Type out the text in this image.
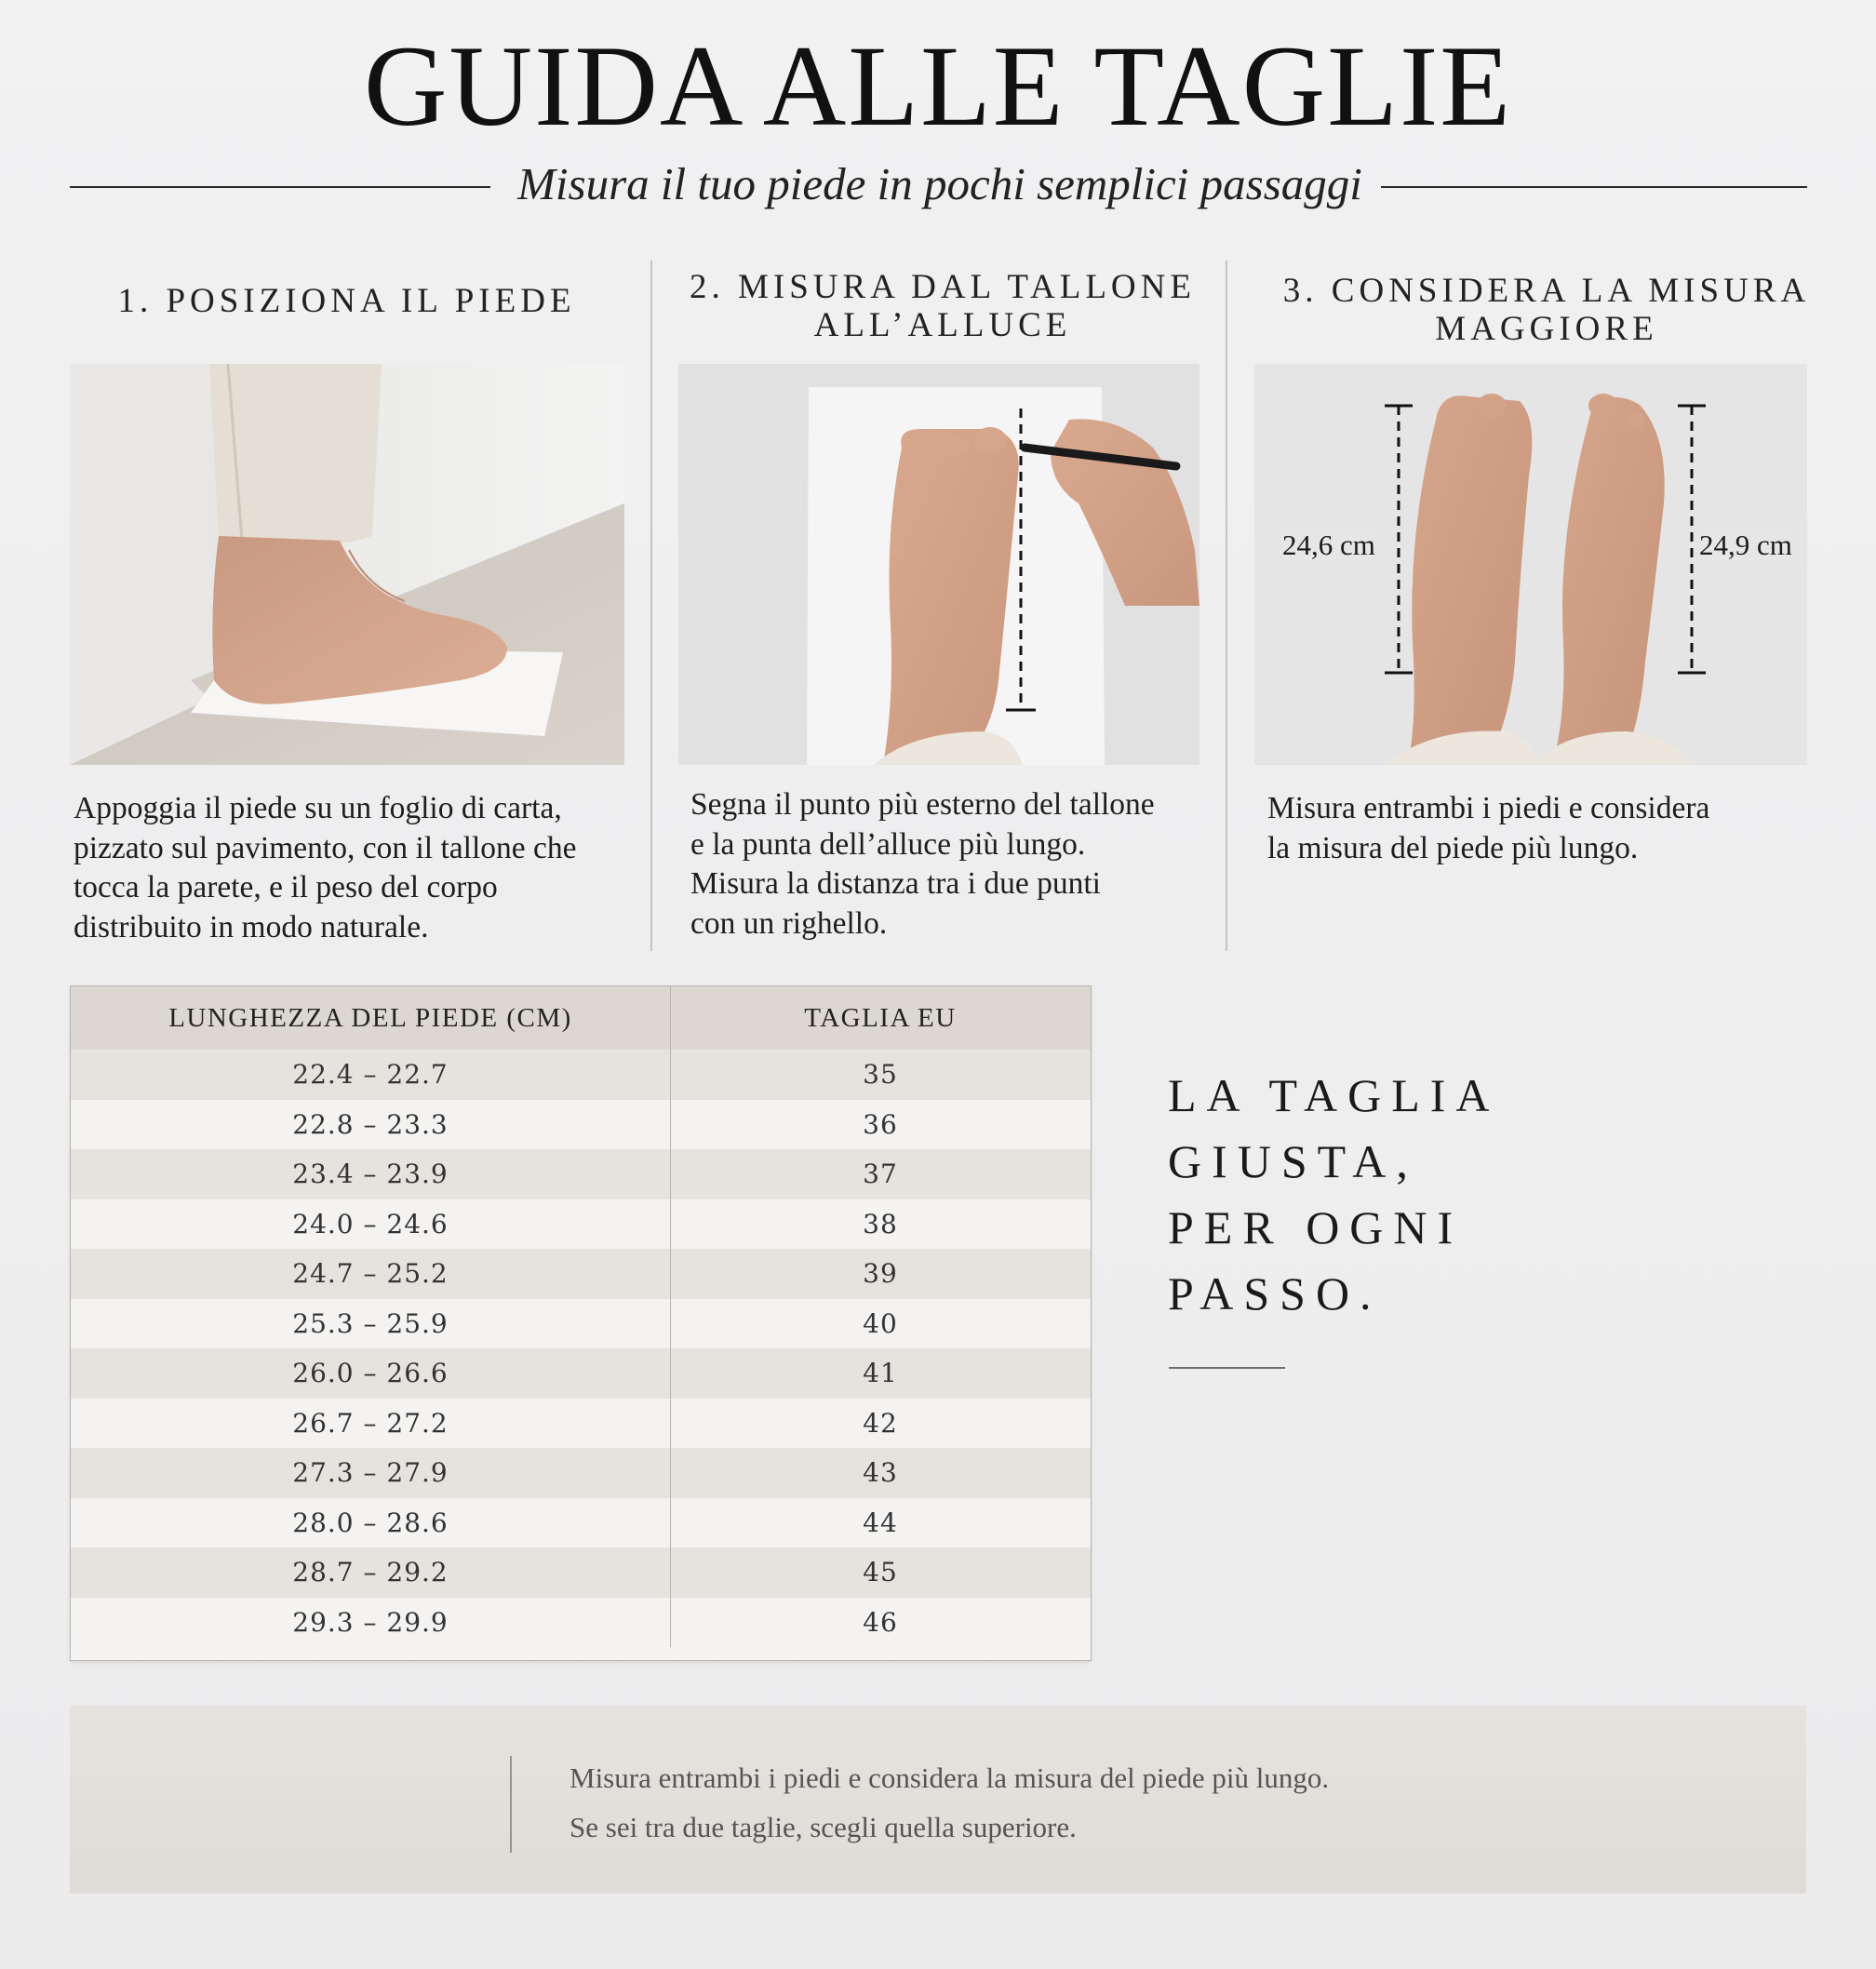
GUIDA ALLE TAGLIE
Misura il tuo piede in pochi semplici passaggi
1. POSIZIONA IL PIEDE
Appoggia il piede su un foglio di carta,
pizzato sul pavimento, con il tallone che
tocca la parete, e il peso del corpo
distribuito in modo naturale.
2. MISURA DAL TALLONE
ALL’ALLUCE
Segna il punto più esterno del tallone
e la punta dell’alluce più lungo.
Misura la distanza tra i due punti
con un righello.
3. CONSIDERA LA MISURA
MAGGIORE
24,6 cm	24,9 cm
Misura entrambi i piedi e considera
la misura del piede più lungo.
LUNGHEZZA DEL PIEDE (CM)	TAGLIA EU
22.4 – 22.7	35
22.8 – 23.3	36
23.4 – 23.9	37
24.0 – 24.6	38
24.7 – 25.2	39
25.3 – 25.9	40
26.0 – 26.6	41
26.7 – 27.2	42
27.3 – 27.9	43
28.0 – 28.6	44
28.7 – 29.2	45
29.3 – 29.9	46
LA TAGLIA
GIUSTA,
PER OGNI
PASSO.
Misura entrambi i piedi e considera la misura del piede più lungo.
Se sei tra due taglie, scegli quella superiore.
